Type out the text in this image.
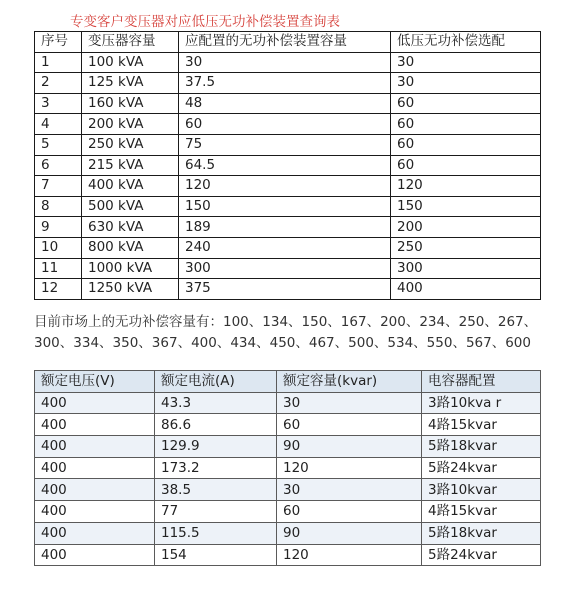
专变客户变压器对应低压无功补偿装置查询表
序号	变压器容量	应配置的无功补偿装置容量	低压无功补偿选配
1	100 kVA	30	30
2	125 kVA	37.5	30
3	160 kVA	48	60
4	200 kVA	60	60
5	250 kVA	75	60
6	215 kVA	64.5	60
7	400 kVA	120	120
8	500 kVA	150	150
9	630 kVA	189	200
10	800 kVA	240	250
11	1000 kVA	300	300
12	1250 kVA	375	400
目前市场上的无功补偿容量有：100、134、150、167、200、234、250、267、
300、334、350、367、400、434、450、467、500、534、550、567、600
额定电压(V)	额定电流(A)	额定容量(kvar)	电容器配置
400	43.3	30	3路10kva r
400	86.6	60	4路15kvar
400	129.9	90	5路18kvar
400	173.2	120	5路24kvar
400	38.5	30	3路10kvar
400	77	60	4路15kvar
400	115.5	90	5路18kvar
400	154	120	5路24kvar
